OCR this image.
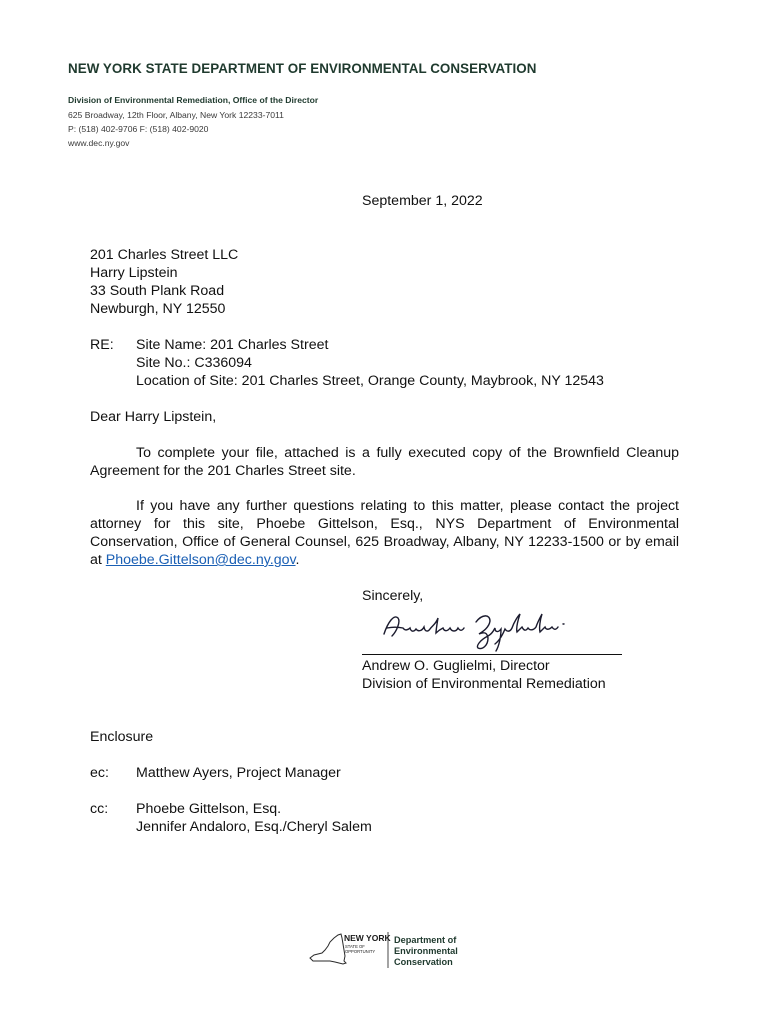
NEW YORK STATE DEPARTMENT OF ENVIRONMENTAL CONSERVATION
Division of Environmental Remediation, Office of the Director
625 Broadway, 12th Floor, Albany, New York 12233-7011
P: (518) 402-9706 F: (518) 402-9020
www.dec.ny.gov
September 1, 2022
201 Charles Street LLC
Harry Lipstein
33 South Plank Road
Newburgh, NY 12550
RE: Site Name: 201 Charles Street
Site No.: C336094
Location of Site: 201 Charles Street, Orange County, Maybrook, NY 12543
Dear Harry Lipstein,
To complete your file, attached is a fully executed copy of the Brownfield Cleanup Agreement for the 201 Charles Street site.
If you have any further questions relating to this matter, please contact the project attorney for this site, Phoebe Gittelson, Esq., NYS Department of Environmental Conservation, Office of General Counsel, 625 Broadway, Albany, NY 12233-1500 or by email at Phoebe.Gittelson@dec.ny.gov.
Sincerely,
Andrew O. Guglielmi, Director
Division of Environmental Remediation
Enclosure
ec: Matthew Ayers, Project Manager
cc: Phoebe Gittelson, Esq.
Jennifer Andaloro, Esq./Cheryl Salem
NEW YORK
STATE OF
OPPORTUNITY
Department of
Environmental
Conservation
